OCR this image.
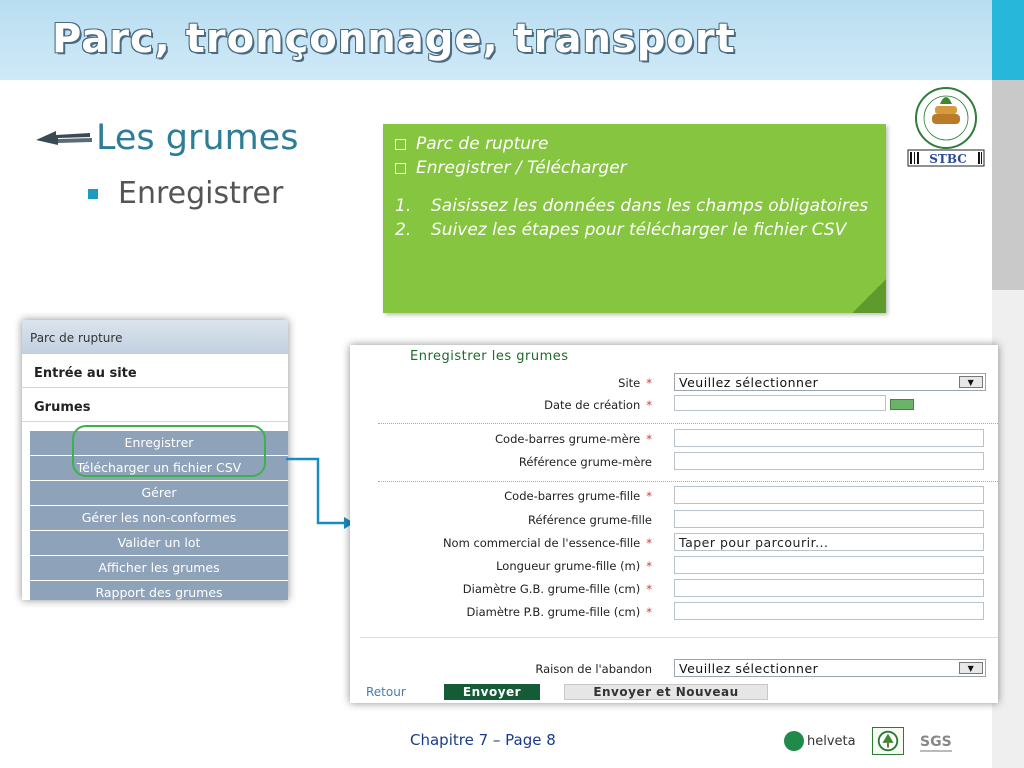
Parc, tronçonnage, transport
Les grumes
Enregistrer
Parc de rupture
Enregistrer / Télécharger
1.	Saisissez les données dans les champs obligatoires
2.	Suivez les étapes pour télécharger le fichier CSV
STBC
Parc de rupture
Entrée au site
Grumes
Enregistrer
Télécharger un fichier CSV
Gérer
Gérer les non-conformes
Valider un lot
Afficher les grumes
Rapport des grumes
Enregistrer les grumes
Site *	Veuillez sélectionner	▼
Date de création *
Code-barres grume-mère *
Référence grume-mère
Code-barres grume-fille *
Référence grume-fille
Nom commercial de l'essence-fille *	Taper pour parcourir...
Longueur grume-fille (m) *
Diamètre G.B. grume-fille (cm) *
Diamètre P.B. grume-fille (cm) *
Raison de l'abandon	Veuillez sélectionner	▼
Retour	Envoyer	Envoyer et Nouveau
Chapitre 7 – Page 8	helveta	SGS
